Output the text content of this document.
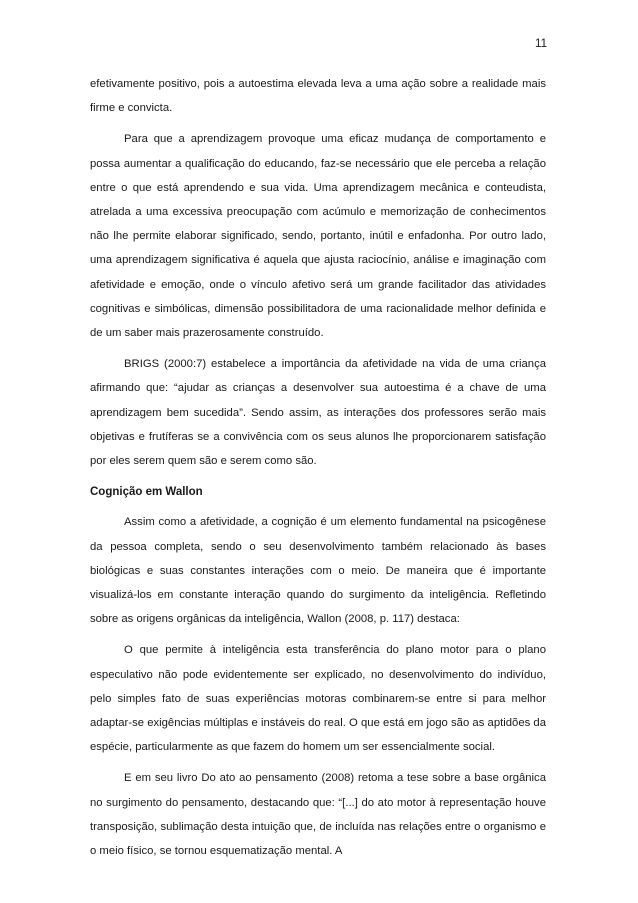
11

efetivamente positivo, pois a autoestima elevada leva a uma ação sobre a realidade mais firme e convicta.

Para que a aprendizagem provoque uma eficaz mudança de comportamento e possa aumentar a qualificação do educando, faz-se necessário que ele perceba a relação entre o que está aprendendo e sua vida. Uma aprendizagem mecânica e conteudista, atrelada a uma excessiva preocupação com acúmulo e memorização de conhecimentos não lhe permite elaborar significado, sendo, portanto, inútil e enfadonha. Por outro lado, uma aprendizagem significativa é aquela que ajusta raciocínio, análise e imaginação com afetividade e emoção, onde o vínculo afetivo será um grande facilitador das atividades cognitivas e simbólicas, dimensão possibilitadora de uma racionalidade melhor definida e de um saber mais prazerosamente construído.

BRIGS (2000:7) estabelece a importância da afetividade na vida de uma criança afirmando que: “ajudar as crianças a desenvolver sua autoestima é a chave de uma aprendizagem bem sucedida”. Sendo assim, as interações dos professores serão mais objetivas e frutíferas se a convivência com os seus alunos lhe proporcionarem satisfação por eles serem quem são e serem como são.

Cognição em Wallon

Assim como a afetividade, a cognição é um elemento fundamental na psicogênese da pessoa completa, sendo o seu desenvolvimento também relacionado às bases biológicas e suas constantes interações com o meio. De maneira que é importante visualizá-los em constante interação quando do surgimento da inteligência. Refletindo sobre as origens orgânicas da inteligência, Wallon (2008, p. 117) destaca:

O que permite à inteligência esta transferência do plano motor para o plano especulativo não pode evidentemente ser explicado, no desenvolvimento do indivíduo, pelo simples fato de suas experiências motoras combinarem-se entre si para melhor adaptar-se exigências múltiplas e instáveis do real. O que está em jogo são as aptidões da espécie, particularmente as que fazem do homem um ser essencialmente social.

E em seu livro Do ato ao pensamento (2008) retoma a tese sobre a base orgânica no surgimento do pensamento, destacando que: “[...] do ato motor à representação houve transposição, sublimação desta intuição que, de incluída nas relações entre o organismo e o meio físico, se tornou esquematização mental. A
